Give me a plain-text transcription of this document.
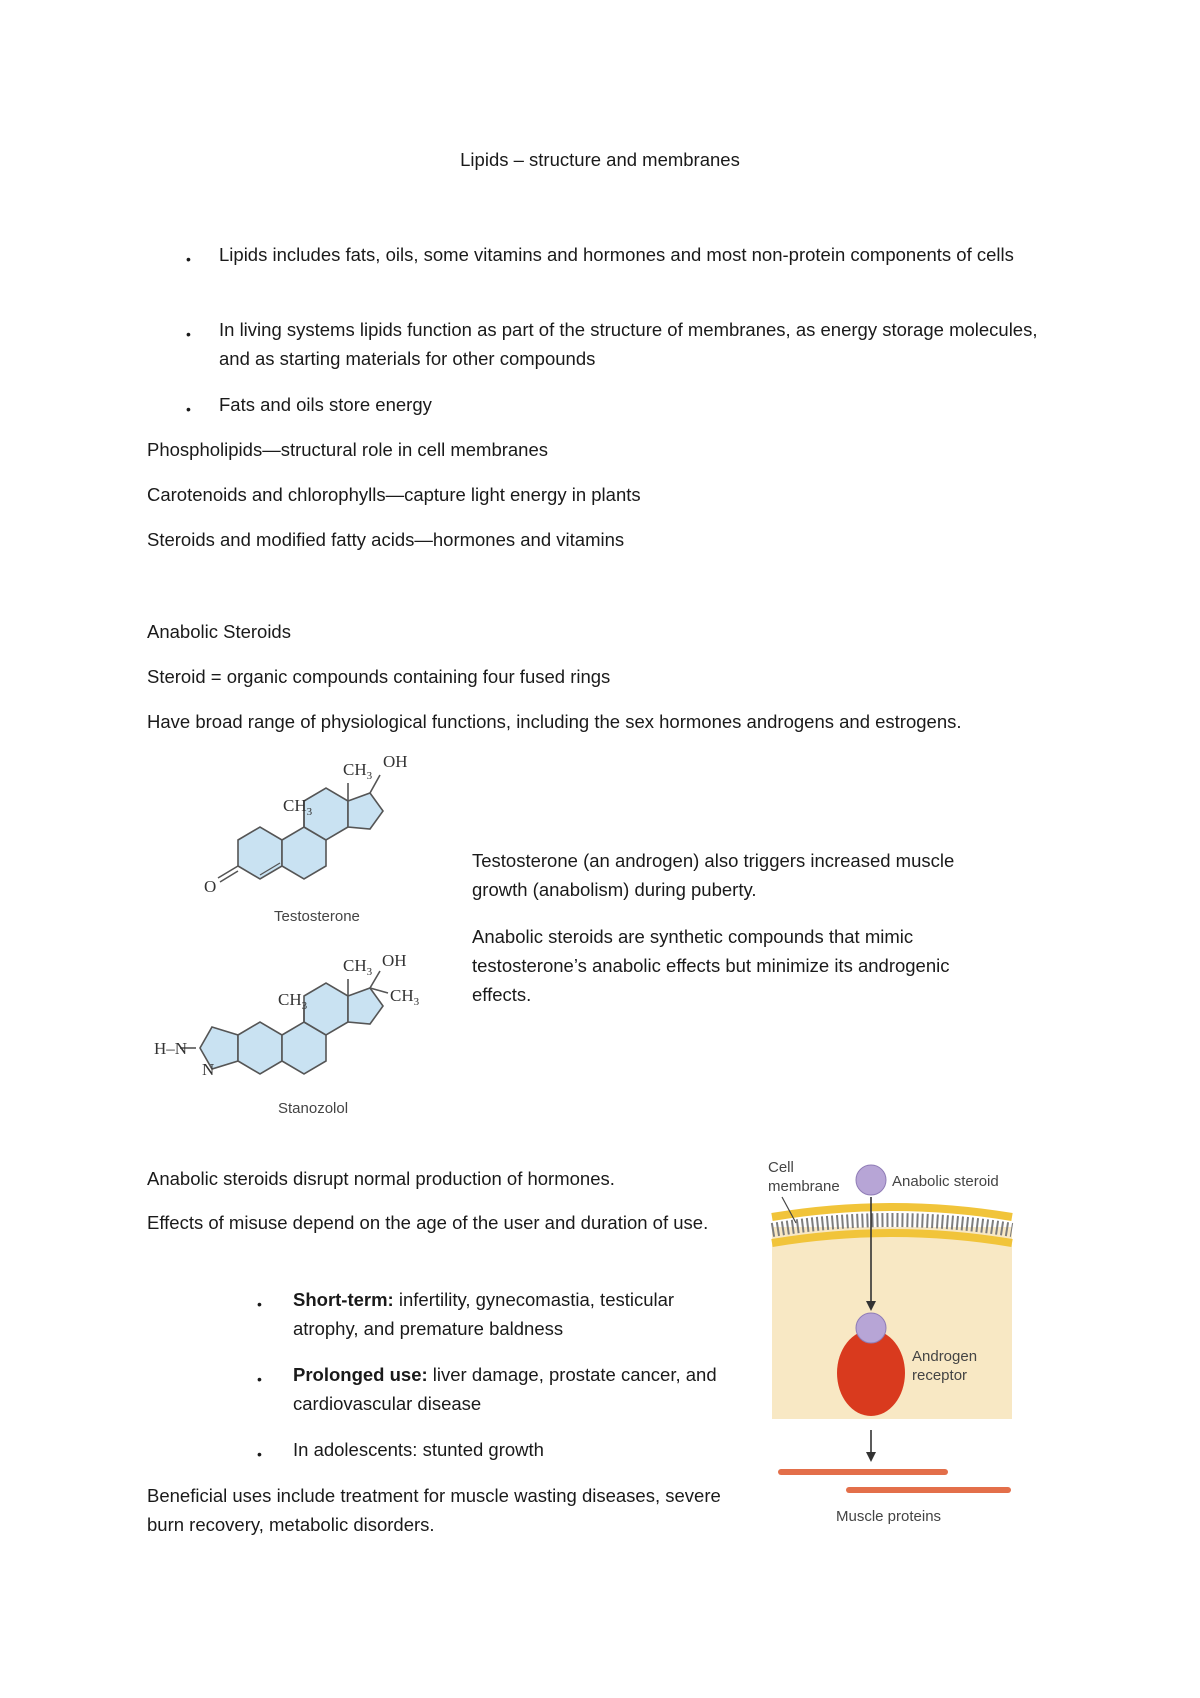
Lipids – structure and membranes
• Lipids includes fats, oils, some vitamins and hormones and most non-protein components of cells
• In living systems lipids function as part of the structure of membranes, as energy storage molecules, and as starting materials for other compounds
• Fats and oils store energy
Phospholipids—structural role in cell membranes
Carotenoids and chlorophylls—capture light energy in plants
Steroids and modified fatty acids—hormones and vitamins
Anabolic Steroids
Steroid = organic compounds containing four fused rings
Have broad range of physiological functions, including the sex hormones androgens and estrogens.
$CH_3$
OH
$CH_3$
O
Testosterone
$CH_3$
OH
$CH_3$
$CH_3$
H–N
N
Stanozolol
Testosterone (an androgen) also triggers increased muscle growth (anabolism) during puberty.
Anabolic steroids are synthetic compounds that mimic testosterone’s anabolic effects but minimize its androgenic effects.
Anabolic steroids disrupt normal production of hormones.
Effects of misuse depend on the age of the user and duration of use.
• Short-term: infertility, gynecomastia, testicular atrophy, and premature baldness
• Prolonged use: liver damage, prostate cancer, and cardiovascular disease
• In adolescents: stunted growth
Beneficial uses include treatment for muscle wasting diseases, severe burn recovery, metabolic disorders.
Cell membrane	Anabolic steroid
Androgen receptor
Muscle proteins
